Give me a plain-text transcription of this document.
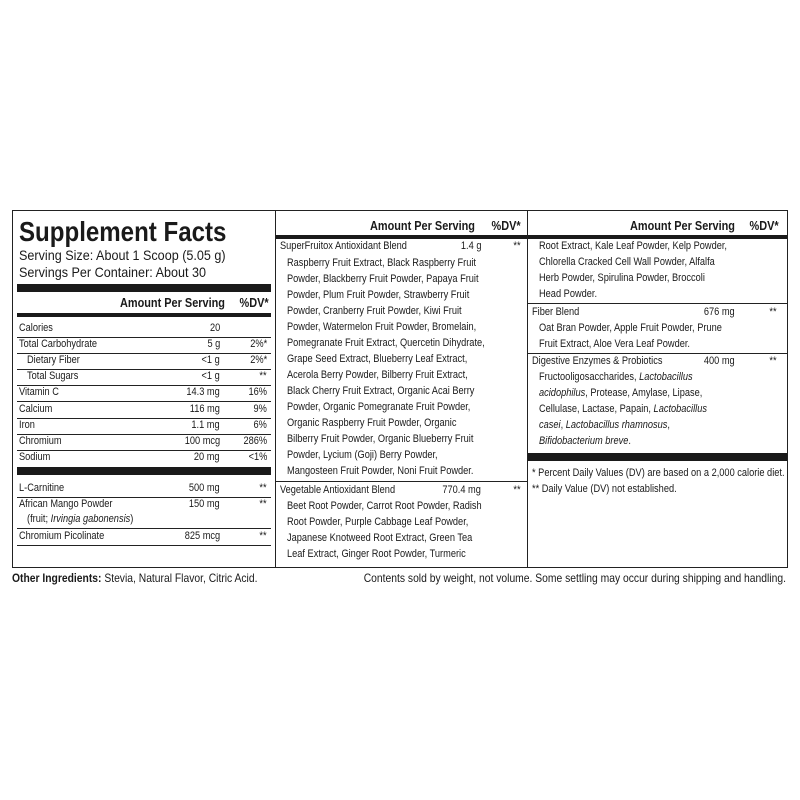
Supplement Facts
Serving Size: About 1 Scoop (5.05 g)
Servings Per Container: About 30
Amount Per Serving %DV*
Calories	20
Total Carbohydrate	5 g	2%*
Dietary Fiber	<1 g	2%*
Total Sugars	<1 g	**
Vitamin C	14.3 mg	16%
Calcium	116 mg	9%
Iron	1.1 mg	6%
Chromium	100 mcg 286%
Sodium	20 mg	<1%
L-Carnitine	500 mg	**
African Mango Powder	150 mg	**
(fruit; Irvingia gabonensis)
Chromium Picolinate	825 mcg	**
Amount Per Serving %DV*
SuperFruitox Antioxidant Blend	1.4 g	**
Raspberry Fruit Extract, Black Raspberry Fruit
Powder, Blackberry Fruit Powder, Papaya Fruit
Powder, Plum Fruit Powder, Strawberry Fruit
Powder, Cranberry Fruit Powder, Kiwi Fruit
Powder, Watermelon Fruit Powder, Bromelain,
Pomegranate Fruit Extract, Quercetin Dihydrate,
Grape Seed Extract, Blueberry Leaf Extract,
Acerola Berry Powder, Bilberry Fruit Extract,
Black Cherry Fruit Extract, Organic Acai Berry
Powder, Organic Pomegranate Fruit Powder,
Organic Raspberry Fruit Powder, Organic
Bilberry Fruit Powder, Organic Blueberry Fruit
Powder, Lycium (Goji) Berry Powder,
Mangosteen Fruit Powder, Noni Fruit Powder.
Vegetable Antioxidant Blend	770.4 mg	**
Beet Root Powder, Carrot Root Powder, Radish
Root Powder, Purple Cabbage Leaf Powder,
Japanese Knotweed Root Extract, Green Tea
Leaf Extract, Ginger Root Powder, Turmeric
Amount Per Serving %DV*
Root Extract, Kale Leaf Powder, Kelp Powder,
Chlorella Cracked Cell Wall Powder, Alfalfa
Herb Powder, Spirulina Powder, Broccoli
Head Powder.
Fiber Blend	676 mg	**
Oat Bran Powder, Apple Fruit Powder, Prune
Fruit Extract, Aloe Vera Leaf Powder.
Digestive Enzymes & Probiotics	400 mg	**
Fructooligosaccharides, Lactobacillus
acidophilus, Protease, Amylase, Lipase,
Cellulase, Lactase, Papain, Lactobacillus
casei, Lactobacillus rhamnosus,
Bifidobacterium breve.
* Percent Daily Values (DV) are based on a 2,000 calorie diet.
** Daily Value (DV) not established.
Other Ingredients: Stevia, Natural Flavor, Citric Acid.	Contents sold by weight, not volume. Some settling may occur during shipping and handling.
